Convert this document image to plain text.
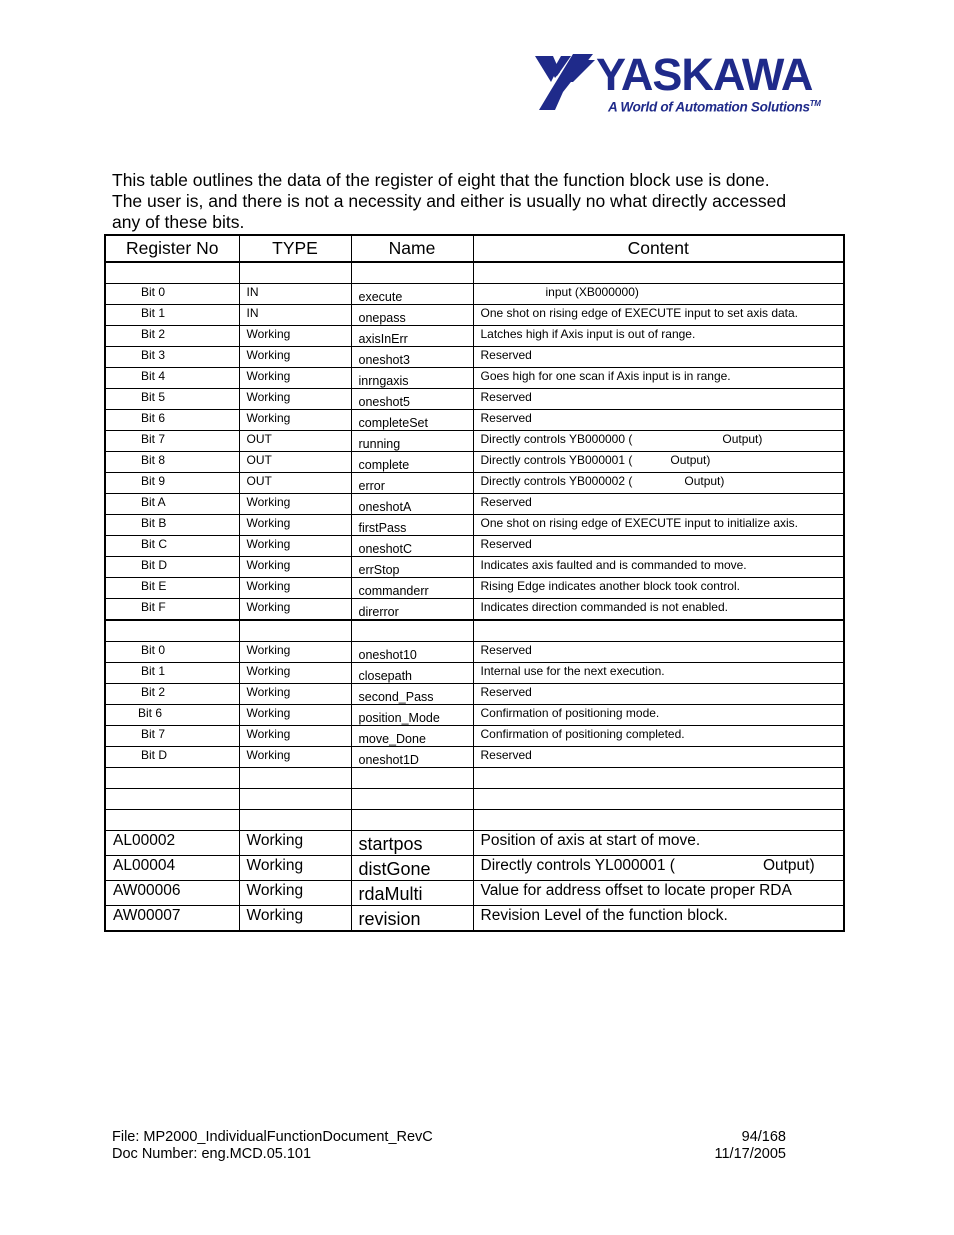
YASKAWA
A World of Automation Solutions™
This table outlines the data of the register of eight that the function block use is done.
The user is, and there is not a necessity and either is usually no what directly accessed
any of these bits.
Register No	TYPE	Name	Content

Bit 0	IN	execute	input (XB000000)
Bit 1	IN	onepass	One shot on rising edge of EXECUTE input to set axis data.
Bit 2	Working	axisInErr	Latches high if Axis input is out of range.
Bit 3	Working	oneshot3	Reserved
Bit 4	Working	inrngaxis	Goes high for one scan if Axis input is in range.
Bit 5	Working	oneshot5	Reserved
Bit 6	Working	completeSet	Reserved
Bit 7	OUT	running	Directly controls YB000000 ( Output)
Bit 8	OUT	complete	Directly controls YB000001 ( Output)
Bit 9	OUT	error	Directly controls YB000002 ( Output)
Bit A	Working	oneshotA	Reserved
Bit B	Working	firstPass	One shot on rising edge of EXECUTE input to initialize axis.
Bit C	Working	oneshotC	Reserved
Bit D	Working	errStop	Indicates axis faulted and is commanded to move.
Bit E	Working	commanderr	Rising Edge indicates another block took control.
Bit F	Working	direrror	Indicates direction commanded is not enabled.

Bit 0	Working	oneshot10	Reserved
Bit 1	Working	closepath	Internal use for the next execution.
Bit 2	Working	second_Pass	Reserved
Bit 6	Working	position_Mode	Confirmation of positioning mode.
Bit 7	Working	move_Done	Confirmation of positioning completed.
Bit D	Working	oneshot1D	Reserved

AL00002	Working	startpos	Position of axis at start of move.
AL00004	Working	distGone	Directly controls YL000001 ( Output)
AW00006	Working	rdaMulti	Value for address offset to locate proper RDA
AW00007	Working	revision	Revision Level of the function block.
File: MP2000_IndividualFunctionDocument_RevC	94/168
Doc Number: eng.MCD.05.101	11/17/2005
